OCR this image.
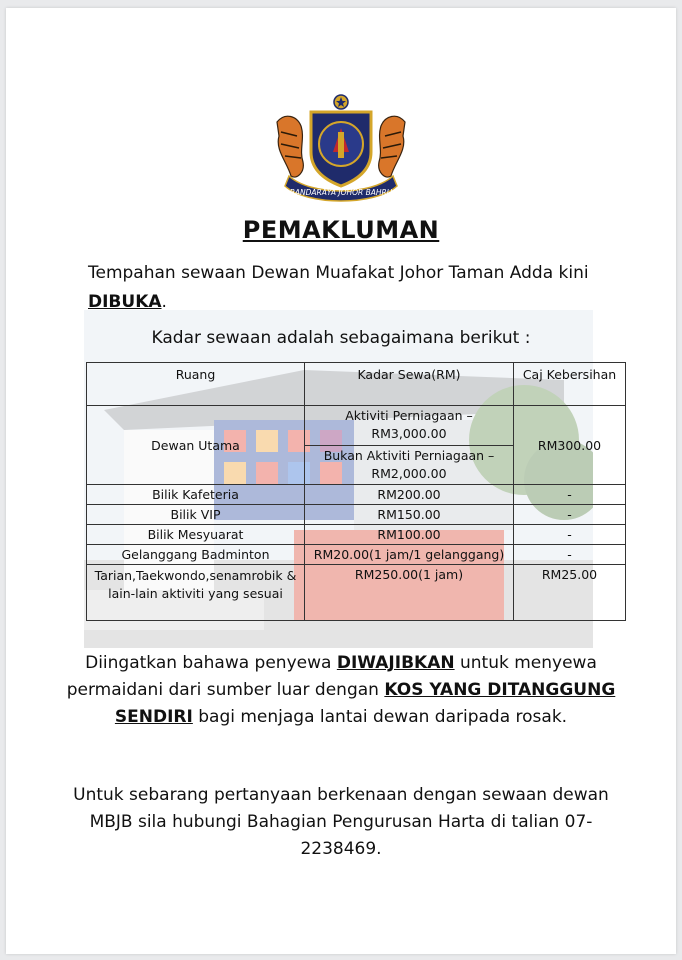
BANDARAYA JOHOR BAHRU
PEMAKLUMAN
Tempahan sewaan Dewan Muafakat Johor Taman Adda kini DIBUKA.
Kadar sewaan adalah sebagaimana berikut :
Ruang	Kadar Sewa(RM)	Caj Kebersihan
Dewan Utama	Aktiviti Perniagaan – RM3,000.00	RM300.00
	Bukan Aktiviti Perniagaan – RM2,000.00	
Bilik Kafeteria	RM200.00	-
Bilik VIP	RM150.00	-
Bilik Mesyuarat	RM100.00	-
Gelanggang Badminton	RM20.00(1 jam/1 gelanggang)	-
Tarian,Taekwondo,senamrobik & lain-lain aktiviti yang sesuai	RM250.00(1 jam)	RM25.00
Diingatkan bahawa penyewa DIWAJIBKAN untuk menyewa permaidani dari sumber luar dengan KOS YANG DITANGGUNG SENDIRI bagi menjaga lantai dewan daripada rosak.
Untuk sebarang pertanyaan berkenaan dengan sewaan dewan MBJB sila hubungi Bahagian Pengurusan Harta di talian 07-2238469.
